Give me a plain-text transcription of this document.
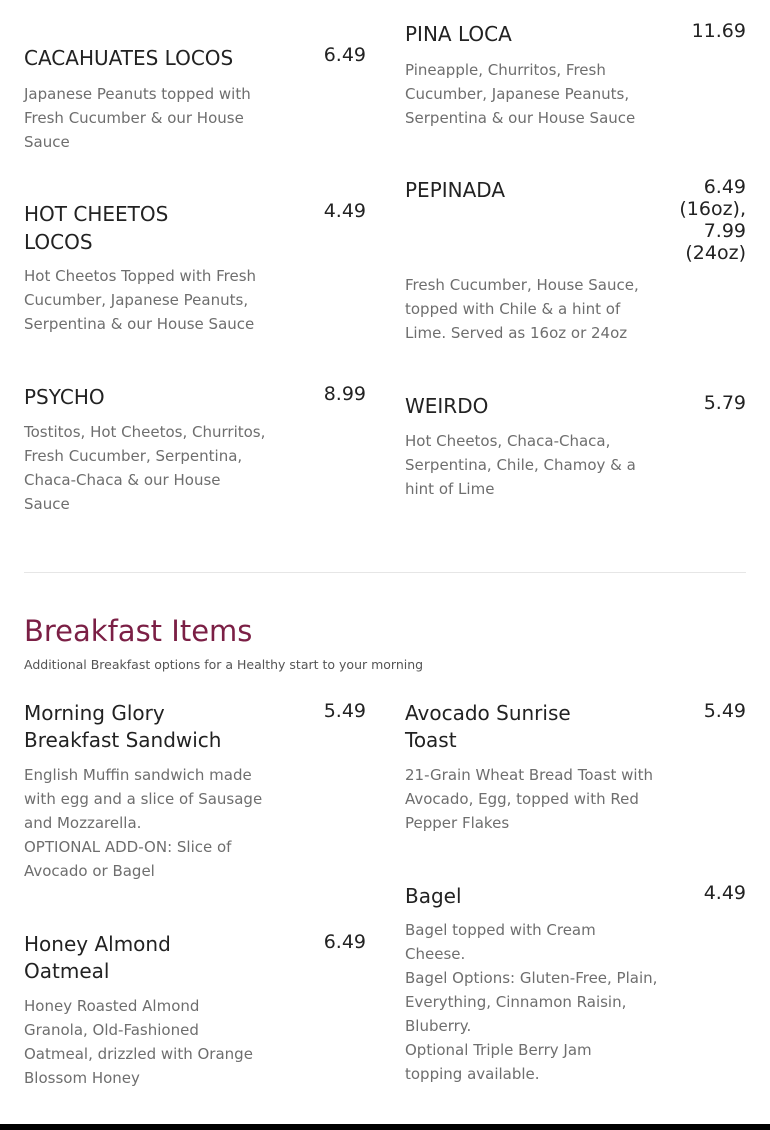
CACAHUATES LOCOS	6.49
Japanese Peanuts topped with
Fresh Cucumber & our House
Sauce
HOT CHEETOS
LOCOS
4.49
Hot Cheetos Topped with Fresh
Cucumber, Japanese Peanuts,
Serpentina & our House Sauce
PSYCHO	8.99
Tostitos, Hot Cheetos, Churritos,
Fresh Cucumber, Serpentina,
Chaca-Chaca & our House
Sauce
PINA LOCA	11.69
Pineapple, Churritos, Fresh
Cucumber, Japanese Peanuts,
Serpentina & our House Sauce
PEPINADA	6.49
(16oz),
7.99
(24oz)
Fresh Cucumber, House Sauce,
topped with Chile & a hint of
Lime. Served as 16oz or 24oz
WEIRDO	5.79
Hot Cheetos, Chaca-Chaca,
Serpentina, Chile, Chamoy & a
hint of Lime
Breakfast Items
Additional Breakfast options for a Healthy start to your morning
Morning Glory
Breakfast Sandwich
5.49
English Muffin sandwich made
with egg and a slice of Sausage
and Mozzarella.
OPTIONAL ADD-ON: Slice of
Avocado or Bagel
Honey Almond
Oatmeal
6.49
Honey Roasted Almond
Granola, Old-Fashioned
Oatmeal, drizzled with Orange
Blossom Honey
Avocado Sunrise
Toast
5.49
21-Grain Wheat Bread Toast with
Avocado, Egg, topped with Red
Pepper Flakes
Bagel	4.49
Bagel topped with Cream
Cheese.
Bagel Options: Gluten-Free, Plain,
Everything, Cinnamon Raisin,
Bluberry.
Optional Triple Berry Jam
topping available.
